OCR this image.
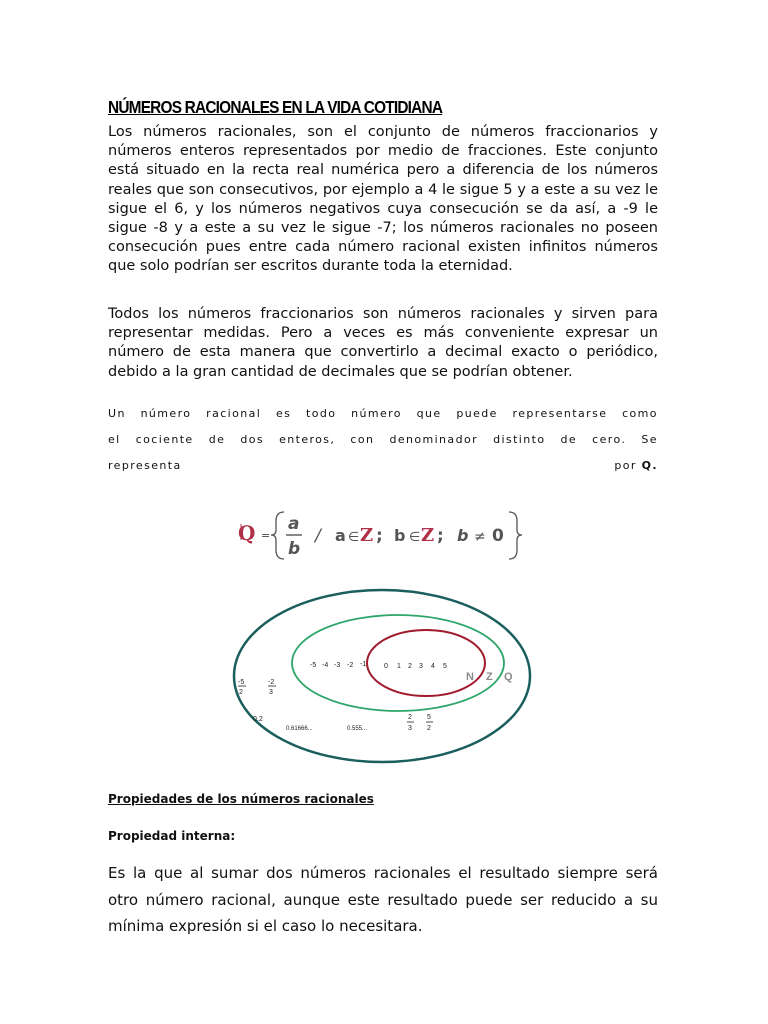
NÚMEROS RACIONALES EN LA VIDA COTIDIANA

Los números racionales, son el conjunto de números fraccionarios y números enteros representados por medio de fracciones. Este conjunto está situado en la recta real numérica pero a diferencia de los números reales que son consecutivos, por ejemplo a 4 le sigue 5 y a este a su vez le sigue el 6, y los números negativos cuya consecución se da así, a -9 le sigue -8 y a este a su vez le sigue -7; los números racionales no poseen consecución pues entre cada número racional existen infinitos números que solo podrían ser escritos durante toda la eternidad.

Todos los números fraccionarios son números racionales y sirven para representar medidas. Pero a veces es más conveniente expresar un número de esta manera que convertirlo a decimal exacto o periódico, debido a la gran cantidad de decimales que se podrían obtener.

Un número racional es todo número que puede representarse como
el cociente de dos enteros, con denominador distinto de cero. Se
representa	por Q.
Q =
a
b
/ a ∈ Z ; b ∈ Z ; b ≠ 0
-5 -4 -3 -2 -1	0 1 2 3 4 5
-5
2
-2
3
0.2
0.61666...	0.555...
2
3
5
2
N Z Q

Propiedades de los números racionales

Propiedad interna:

Es la que al sumar dos números racionales el resultado siempre será otro número racional, aunque este resultado puede ser reducido a su mínima expresión si el caso lo necesitara.
